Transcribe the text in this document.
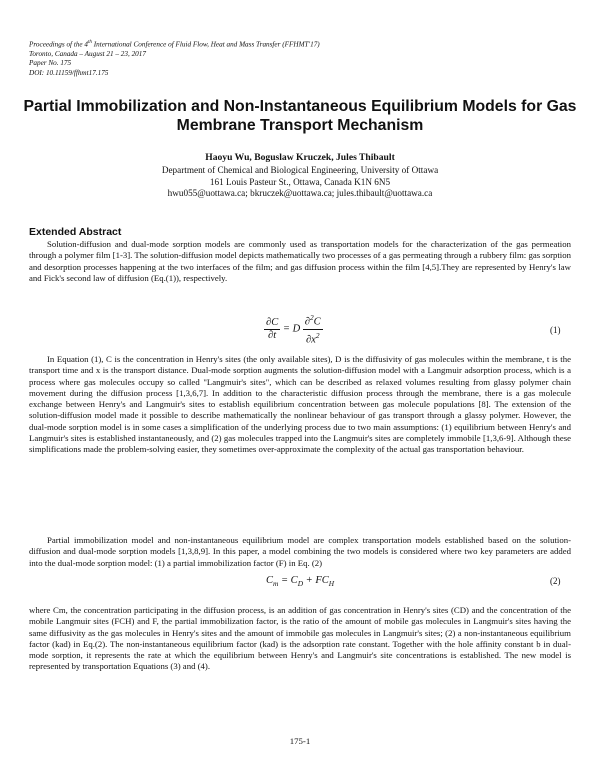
Proceedings of the 4th International Conference of Fluid Flow, Heat and Mass Transfer (FFHMT'17)
Toronto, Canada – August 21 – 23, 2017
Paper No. 175
DOI: 10.11159/ffhmt17.175
Partial Immobilization and Non-Instantaneous Equilibrium Models for Gas Membrane Transport Mechanism
Haoyu Wu, Boguslaw Kruczek, Jules Thibault
Department of Chemical and Biological Engineering, University of Ottawa
161 Louis Pasteur St., Ottawa, Canada K1N 6N5
hwu055@uottawa.ca; bkruczek@uottawa.ca; jules.thibault@uottawa.ca
Extended Abstract

Solution-diffusion and dual-mode sorption models are commonly used as transportation models for the characterization of the gas permeation through a polymer film [1-3]. The solution-diffusion model depicts mathematically two processes of a gas permeating through a rubbery film: gas sorption and desorption processes happening at the two interfaces of the film; and gas diffusion process within the film [4,5].They are represented by Henry's law and Fick's second law of diffusion (Eq.(1)), respectively.

$\frac{\partial C}{\partial t} = D \frac{\partial^2C}{\partial x^2}$	(1)

In Equation (1), C is the concentration in Henry's sites (the only available sites), D is the diffusivity of gas molecules within the membrane, t is the transport time and x is the transport distance. Dual-mode sorption augments the solution-diffusion model with a Langmuir adsorption process, which is a process where gas molecules occupy so called "Langmuir's sites", which can be described as relaxed volumes resulting from glassy polymer chain movement during the diffusion process [1,3,6,7]. In addition to the characteristic diffusion process through the membrane, there is a gas molecule exchange between Henry's and Langmuir's sites to establish equilibrium concentration between gas molecule populations [8]. The extension of the solution-diffusion model made it possible to describe mathematically the nonlinear behaviour of gas transport through a glassy polymer. However, the dual-mode sorption model is in some cases a simplification of the underlying process due to two main assumptions: (1) equilibrium between Henry's and Langmuir's sites is established instantaneously, and (2) gas molecules trapped into the Langmuir's sites are completely immobile [1,3,6-9]. Although these simplifications made the problem-solving easier, they sometimes over-approximate the complexity of the actual gas transportation behaviour.

Partial immobilization model and non-instantaneous equilibrium model are complex transportation models established based on the solution-diffusion and dual-mode sorption models [1,3,8,9]. In this paper, a model combining the two models is considered where two key parameters are added into the dual-mode sorption model: (1) a partial immobilization factor (F) in Eq. (2)

$C_m = C_D + FC_H$	(2)

where Cm, the concentration participating in the diffusion process, is an addition of gas concentration in Henry's sites (CD) and the concentration of the mobile Langmuir sites (FCH) and F, the partial immobilization factor, is the ratio of the amount of mobile gas molecules in Langmuir's sites having the same diffusivity as the gas molecules in Henry's sites and the amount of immobile gas molecules in Langmuir's sites; (2) a non-instantaneous equilibrium factor (kad) in Eq.(2). The non-instantaneous equilibrium factor (kad) is the adsorption rate constant. Together with the hole affinity constant b in dual-mode sorption, it represents the rate at which the equilibrium between Henry's and Langmuir's site concentrations is established. The new model is represented by transportation Equations (3) and (4).

175-1
